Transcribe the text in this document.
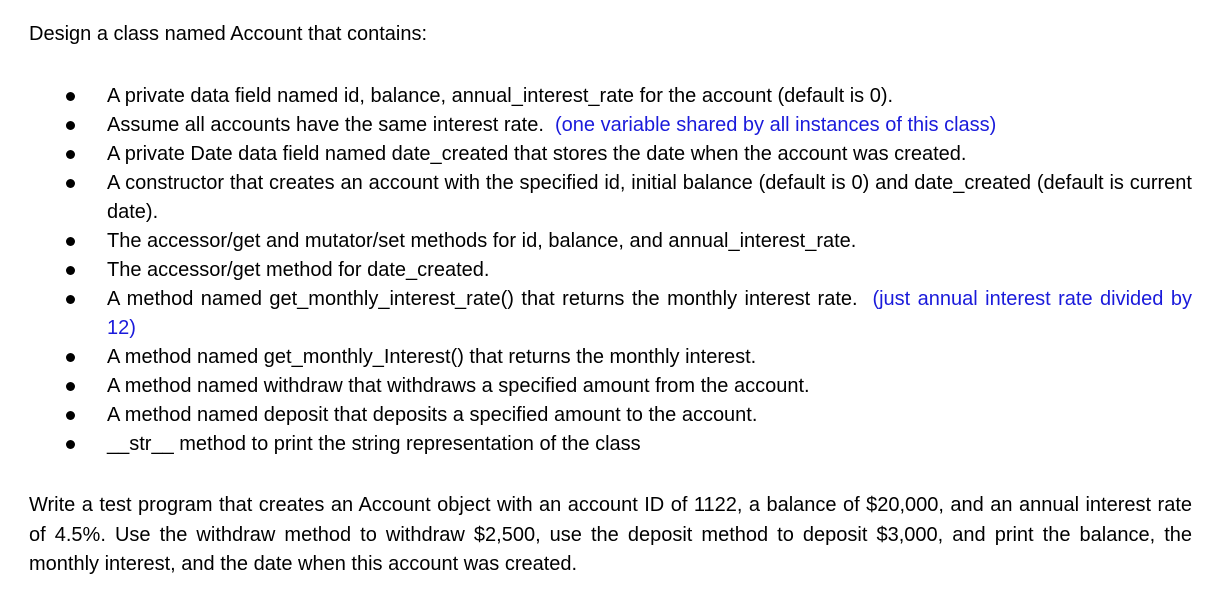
Design a class named Account that contains:

A private data field named id, balance, annual_interest_rate for the account (default is 0).
Assume all accounts have the same interest rate. (one variable shared by all instances of this class)
A private Date data field named date_created that stores the date when the account was created.
A constructor that creates an account with the specified id, initial balance (default is 0) and date_created (default is current date).
The accessor/get and mutator/set methods for id, balance, and annual_interest_rate.
The accessor/get method for date_created.
A method named get_monthly_interest_rate() that returns the monthly interest rate. (just annual interest rate divided by 12)
A method named get_monthly_Interest() that returns the monthly interest.
A method named withdraw that withdraws a specified amount from the account.
A method named deposit that deposits a specified amount to the account.
__str__ method to print the string representation of the class

Write a test program that creates an Account object with an account ID of 1122, a balance of $20,000, and an annual interest rate of 4.5%. Use the withdraw method to withdraw $2,500, use the deposit method to deposit $3,000, and print the balance, the monthly interest, and the date when this account was created.
